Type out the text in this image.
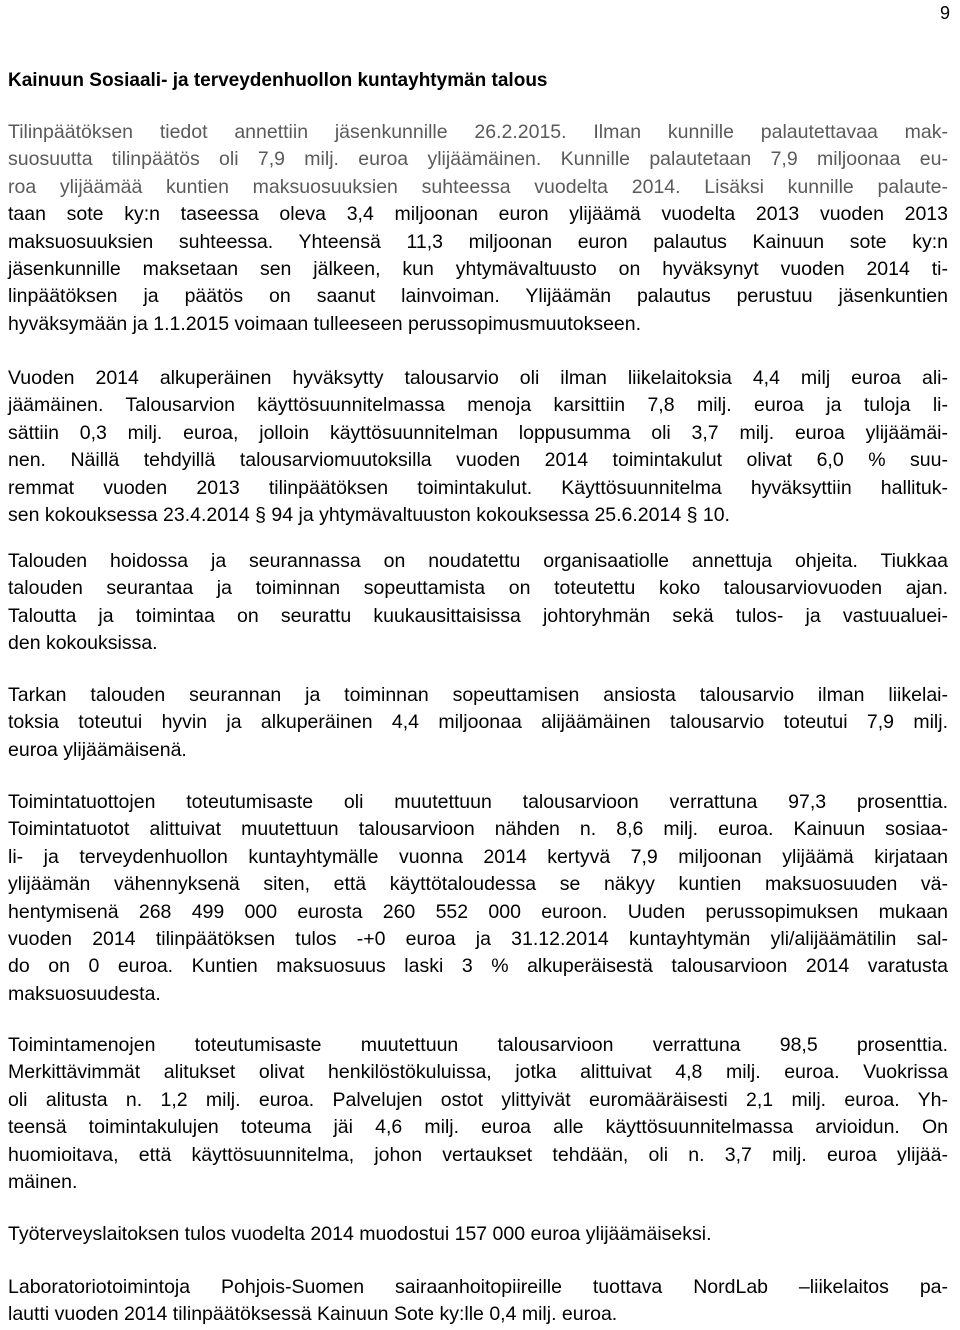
9
Kainuun Sosiaali- ja terveydenhuollon kuntayhtymän talous
Tilinpäätöksen tiedot annettiin jäsenkunnille 26.2.2015. Ilman kunnille palautettavaa mak-
suosuutta tilinpäätös oli 7,9 milj. euroa ylijäämäinen. Kunnille palautetaan 7,9 miljoonaa eu-
roa ylijäämää kuntien maksuosuuksien suhteessa vuodelta 2014. Lisäksi kunnille palaute-
taan sote ky:n taseessa oleva 3,4 miljoonan euron ylijäämä vuodelta 2013 vuoden 2013
maksuosuuksien suhteessa. Yhteensä 11,3 miljoonan euron palautus Kainuun sote ky:n
jäsenkunnille maksetaan sen jälkeen, kun yhtymävaltuusto on hyväksynyt vuoden 2014 ti-
linpäätöksen ja päätös on saanut lainvoiman. Ylijäämän palautus perustuu jäsenkuntien
hyväksymään ja 1.1.2015 voimaan tulleeseen perussopimusmuutokseen.
Vuoden 2014 alkuperäinen hyväksytty talousarvio oli ilman liikelaitoksia 4,4 milj euroa ali-
jäämäinen. Talousarvion käyttösuunnitelmassa menoja karsittiin 7,8 milj. euroa ja tuloja li-
sättiin 0,3 milj. euroa, jolloin käyttösuunnitelman loppusumma oli 3,7 milj. euroa ylijäämäi-
nen. Näillä tehdyillä talousarviomuutoksilla vuoden 2014 toimintakulut olivat 6,0 % suu-
remmat vuoden 2013 tilinpäätöksen toimintakulut. Käyttösuunnitelma hyväksyttiin hallituk-
sen kokouksessa 23.4.2014 § 94 ja yhtymävaltuuston kokouksessa 25.6.2014 § 10.
Talouden hoidossa ja seurannassa on noudatettu organisaatiolle annettuja ohjeita. Tiukkaa
talouden seurantaa ja toiminnan sopeuttamista on toteutettu koko talousarviovuoden ajan.
Taloutta ja toimintaa on seurattu kuukausittaisissa johtoryhmän sekä tulos- ja vastuualuei-
den kokouksissa.
Tarkan talouden seurannan ja toiminnan sopeuttamisen ansiosta talousarvio ilman liikelai-
toksia toteutui hyvin ja alkuperäinen 4,4 miljoonaa alijäämäinen talousarvio toteutui 7,9 milj.
euroa ylijäämäisenä.
Toimintatuottojen toteutumisaste oli muutettuun talousarvioon verrattuna 97,3 prosenttia.
Toimintatuotot alittuivat muutettuun talousarvioon nähden n. 8,6 milj. euroa. Kainuun sosiaa-
li- ja terveydenhuollon kuntayhtymälle vuonna 2014 kertyvä 7,9 miljoonan ylijäämä kirjataan
ylijäämän vähennyksenä siten, että käyttötaloudessa se näkyy kuntien maksuosuuden vä-
hentymisenä 268 499 000 eurosta 260 552 000 euroon. Uuden perussopimuksen mukaan
vuoden 2014 tilinpäätöksen tulos -+0 euroa ja 31.12.2014 kuntayhtymän yli/alijäämätilin sal-
do on 0 euroa. Kuntien maksuosuus laski 3 % alkuperäisestä talousarvioon 2014 varatusta
maksuosuudesta.
Toimintamenojen toteutumisaste muutettuun talousarvioon verrattuna 98,5 prosenttia.
Merkittävimmät alitukset olivat henkilöstökuluissa, jotka alittuivat 4,8 milj. euroa. Vuokrissa
oli alitusta n. 1,2 milj. euroa. Palvelujen ostot ylittyivät euromääräisesti 2,1 milj. euroa. Yh-
teensä toimintakulujen toteuma jäi 4,6 milj. euroa alle käyttösuunnitelmassa arvioidun. On
huomioitava, että käyttösuunnitelma, johon vertaukset tehdään, oli n. 3,7 milj. euroa ylijää-
mäinen.
Työterveyslaitoksen tulos vuodelta 2014 muodostui 157 000 euroa ylijäämäiseksi.
Laboratoriotoimintoja Pohjois-Suomen sairaanhoitopiireille tuottava NordLab –liikelaitos pa-
lautti vuoden 2014 tilinpäätöksessä Kainuun Sote ky:lle 0,4 milj. euroa.
